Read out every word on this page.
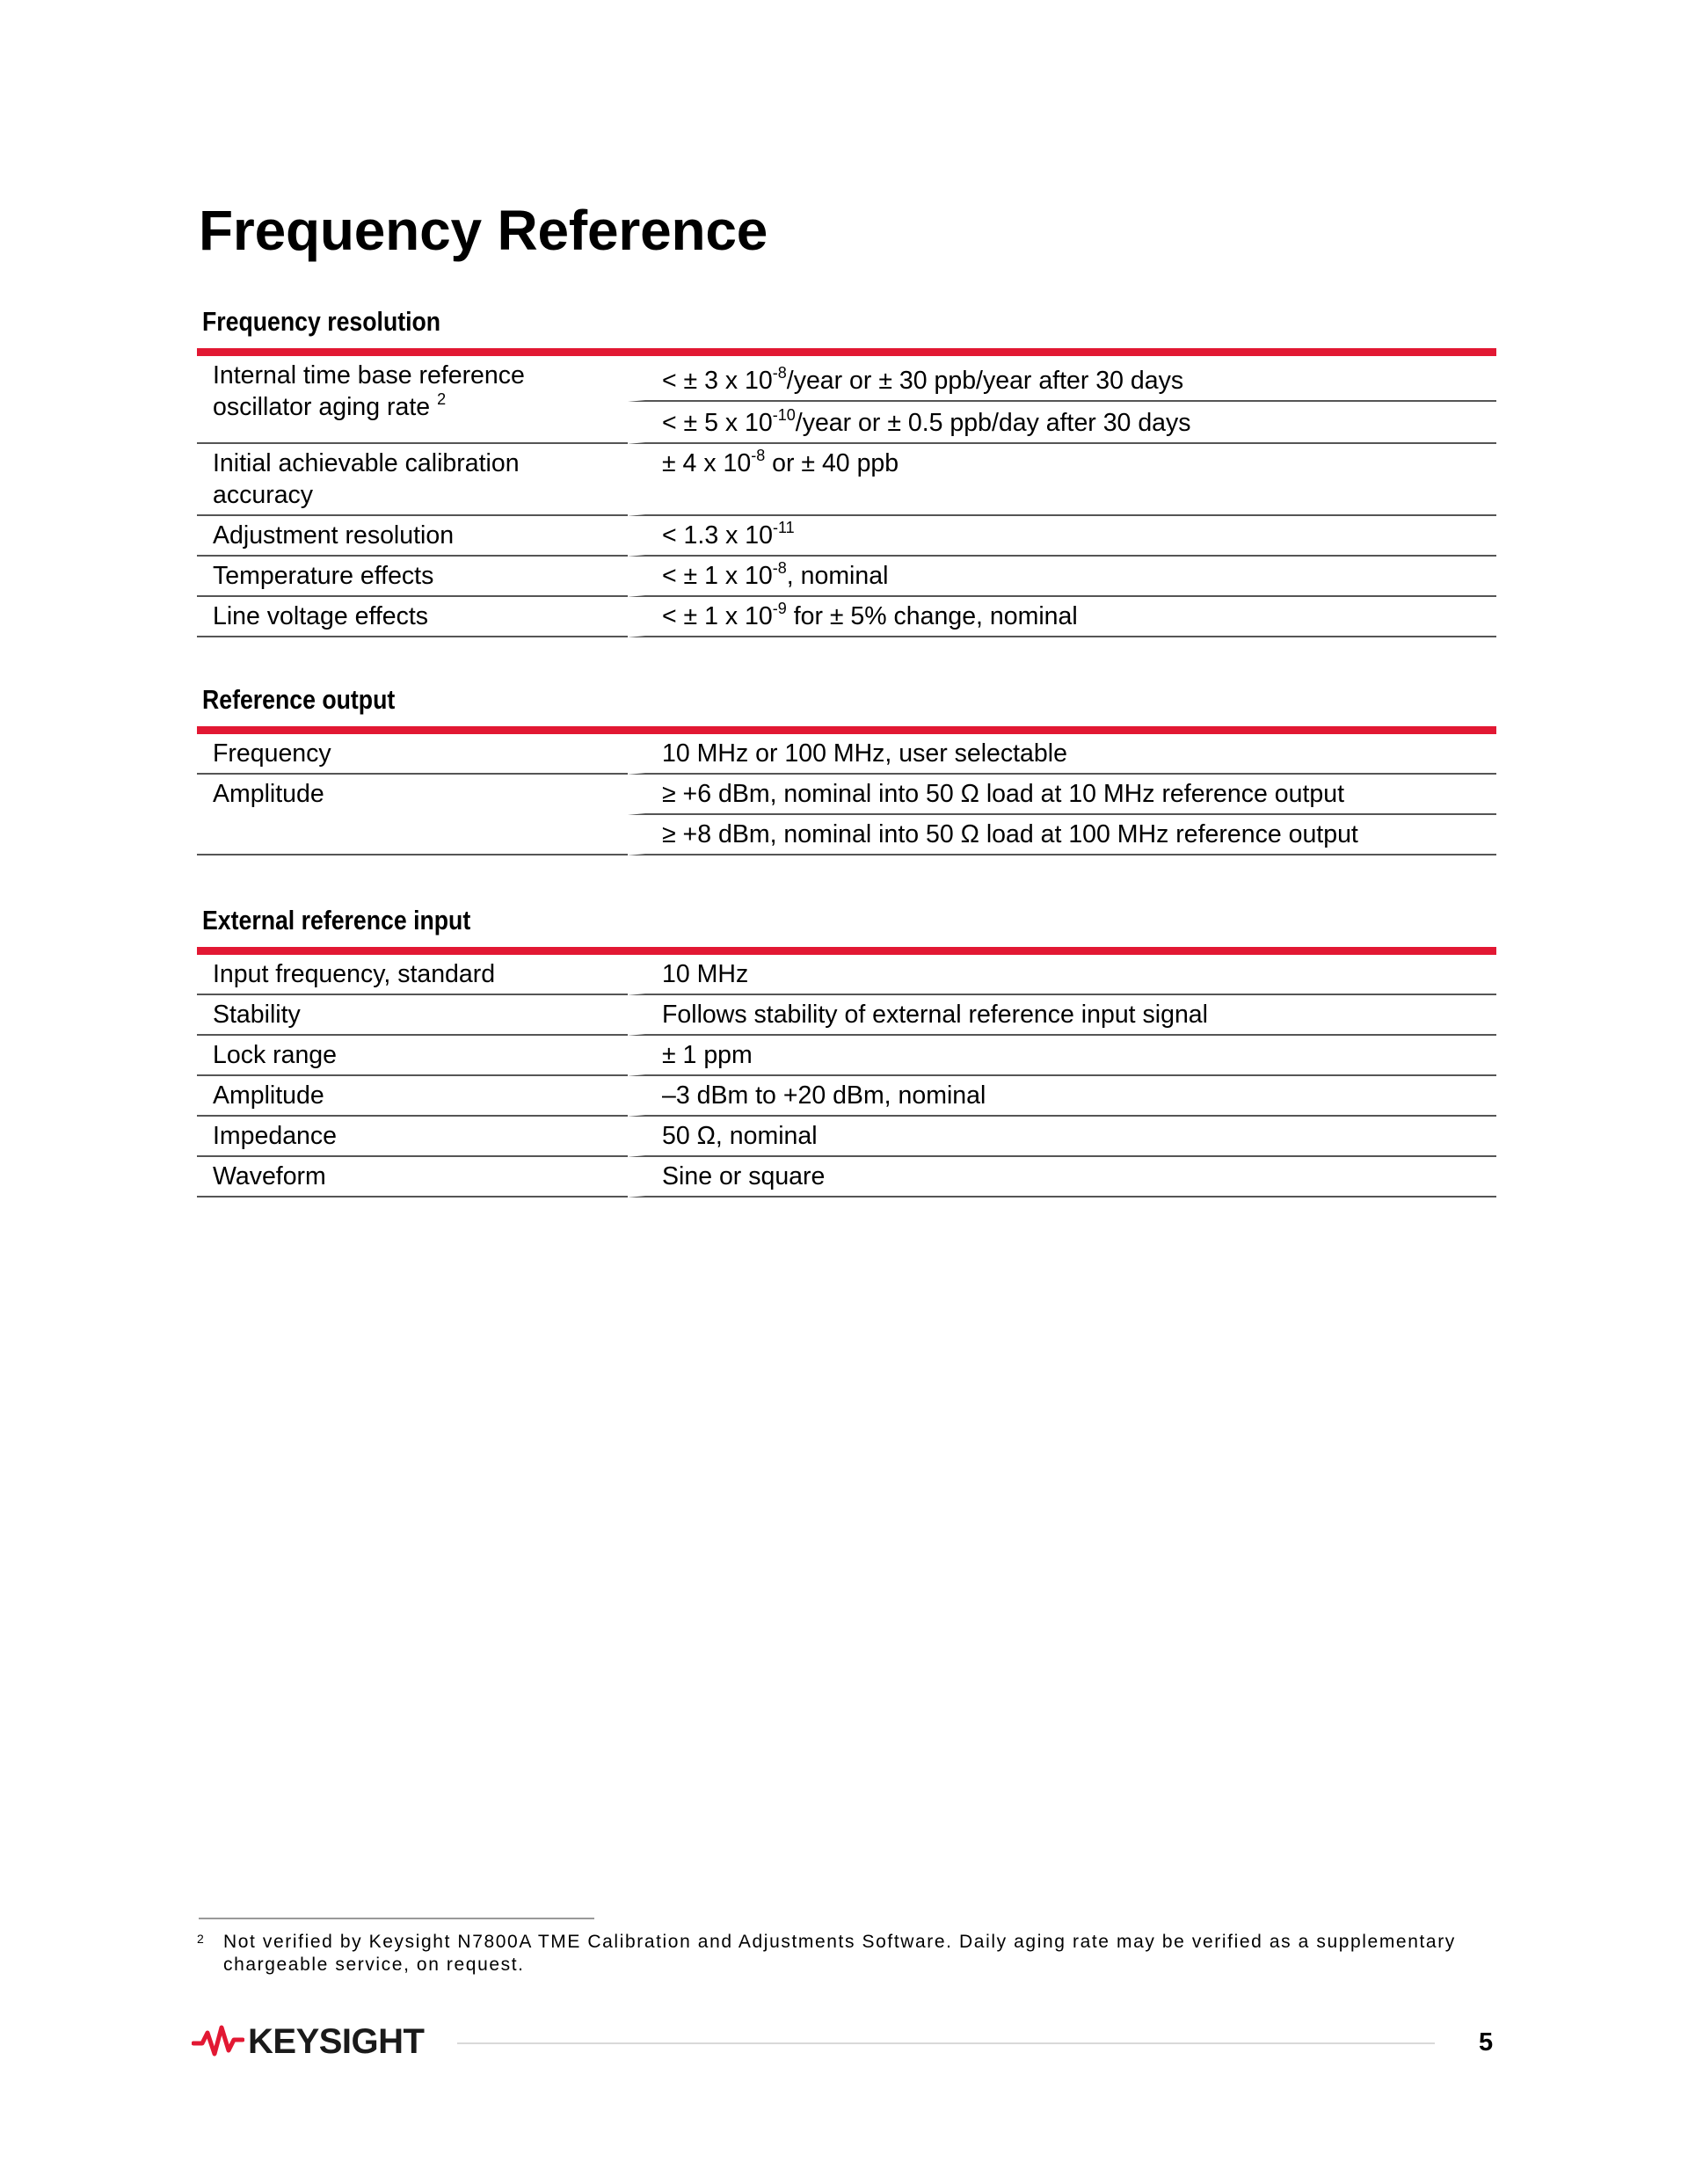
Frequency Reference
Frequency resolution

Internal time base reference oscillator aging rate $^2$	< ± 3 x $10^{-8}$/year or ± 30 ppb/year after 30 days
	< ± 5 x $10^{-10}$/year or ± 0.5 ppb/day after 30 days
Initial achievable calibration accuracy	± 4 x $10^{-8}$ or ± 40 ppb
Adjustment resolution	< 1.3 x $10^{-11}$
Temperature effects	< ± 1 x $10^{-8}$, nominal
Line voltage effects	< ± 1 x $10^{-9}$ for ± 5% change, nominal
Reference output

Frequency	10 MHz or 100 MHz, user selectable
Amplitude	≥ +6 dBm, nominal into 50 Ω load at 10 MHz reference output
	≥ +8 dBm, nominal into 50 Ω load at 100 MHz reference output
External reference input

Input frequency, standard	10 MHz
Stability	Follows stability of external reference input signal
Lock range	± 1 ppm
Amplitude	–3 dBm to +20 dBm, nominal
Impedance	50 Ω, nominal
Waveform	Sine or square
2 Not verified by Keysight N7800A TME Calibration and Adjustments Software. Daily aging rate may be verified as a supplementary chargeable service, on request.
KEYSIGHT	5
